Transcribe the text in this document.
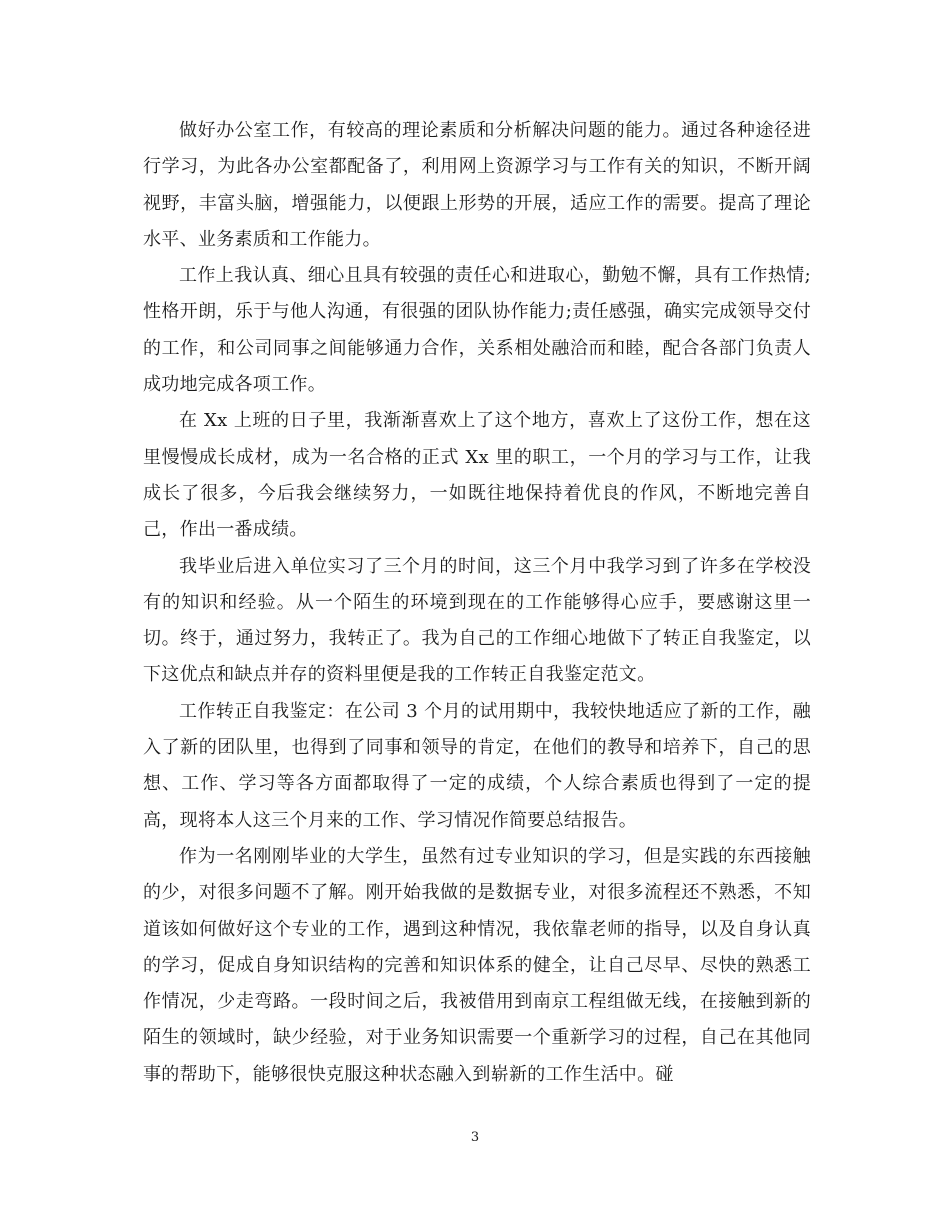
做好办公室工作，有较高的理论素质和分析解决问题的能力。通过各种途径进行学习，为此各办公室都配备了，利用网上资源学习与工作有关的知识，不断开阔视野，丰富头脑，增强能力，以便跟上形势的开展，适应工作的需要。提高了理论水平、业务素质和工作能力。

工作上我认真、细心且具有较强的责任心和进取心，勤勉不懈，具有工作热情;性格开朗，乐于与他人沟通，有很强的团队协作能力;责任感强，确实完成领导交付的工作，和公司同事之间能够通力合作，关系相处融洽而和睦，配合各部门负责人成功地完成各项工作。

在 Xx 上班的日子里，我渐渐喜欢上了这个地方，喜欢上了这份工作，想在这里慢慢成长成材，成为一名合格的正式 Xx 里的职工，一个月的学习与工作，让我成长了很多，今后我会继续努力，一如既往地保持着优良的作风，不断地完善自己，作出一番成绩。

我毕业后进入单位实习了三个月的时间，这三个月中我学习到了许多在学校没有的知识和经验。从一个陌生的环境到现在的工作能够得心应手，要感谢这里一切。终于，通过努力，我转正了。我为自己的工作细心地做下了转正自我鉴定，以下这优点和缺点并存的资料里便是我的工作转正自我鉴定范文。

工作转正自我鉴定：在公司 3 个月的试用期中，我较快地适应了新的工作，融入了新的团队里，也得到了同事和领导的肯定，在他们的教导和培养下，自己的思想、工作、学习等各方面都取得了一定的成绩，个人综合素质也得到了一定的提高，现将本人这三个月来的工作、学习情况作简要总结报告。

作为一名刚刚毕业的大学生，虽然有过专业知识的学习，但是实践的东西接触的少，对很多问题不了解。刚开始我做的是数据专业，对很多流程还不熟悉，不知道该如何做好这个专业的工作，遇到这种情况，我依靠老师的指导，以及自身认真的学习，促成自身知识结构的完善和知识体系的健全，让自己尽早、尽快的熟悉工作情况，少走弯路。一段时间之后，我被借用到南京工程组做无线，在接触到新的陌生的领域时，缺少经验，对于业务知识需要一个重新学习的过程，自己在其他同事的帮助下，能够很快克服这种状态融入到崭新的工作生活中。碰

3
